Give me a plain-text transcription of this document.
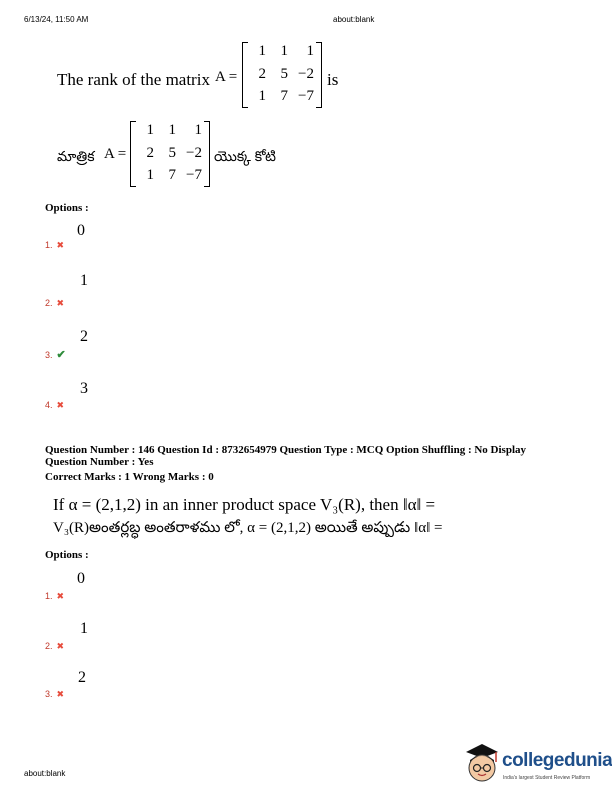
6/13/24, 11:50 AM	about:blank
The rank of the matrix A =
1 1	1
2 5 −2
1 7 −7
is
మాత్రిక A =
1 1	1
2 5 −2
1 7 −7
యొక్క కోటి
Options :
1. ✖
0
2. ✖
1
3. ✔
2
4. ✖
3
Question Number : 146 Question Id : 8732654979 Question Type : MCQ Option Shuffling : No Display
Question Number : Yes
Correct Marks : 1 Wrong Marks : 0
If α = (2,1,2) in an inner product space V₃(R), then ‖α‖ =
V₃(R)అంతర్లబ్ధ అంతరాళము లో, α = (2,1,2) అయితే అప్పుడు ‖α‖ =
Options :
1. ✖
0
2. ✖
1
3. ✖
2
about:blank
collegedunia
India's largest Student Review Platform
